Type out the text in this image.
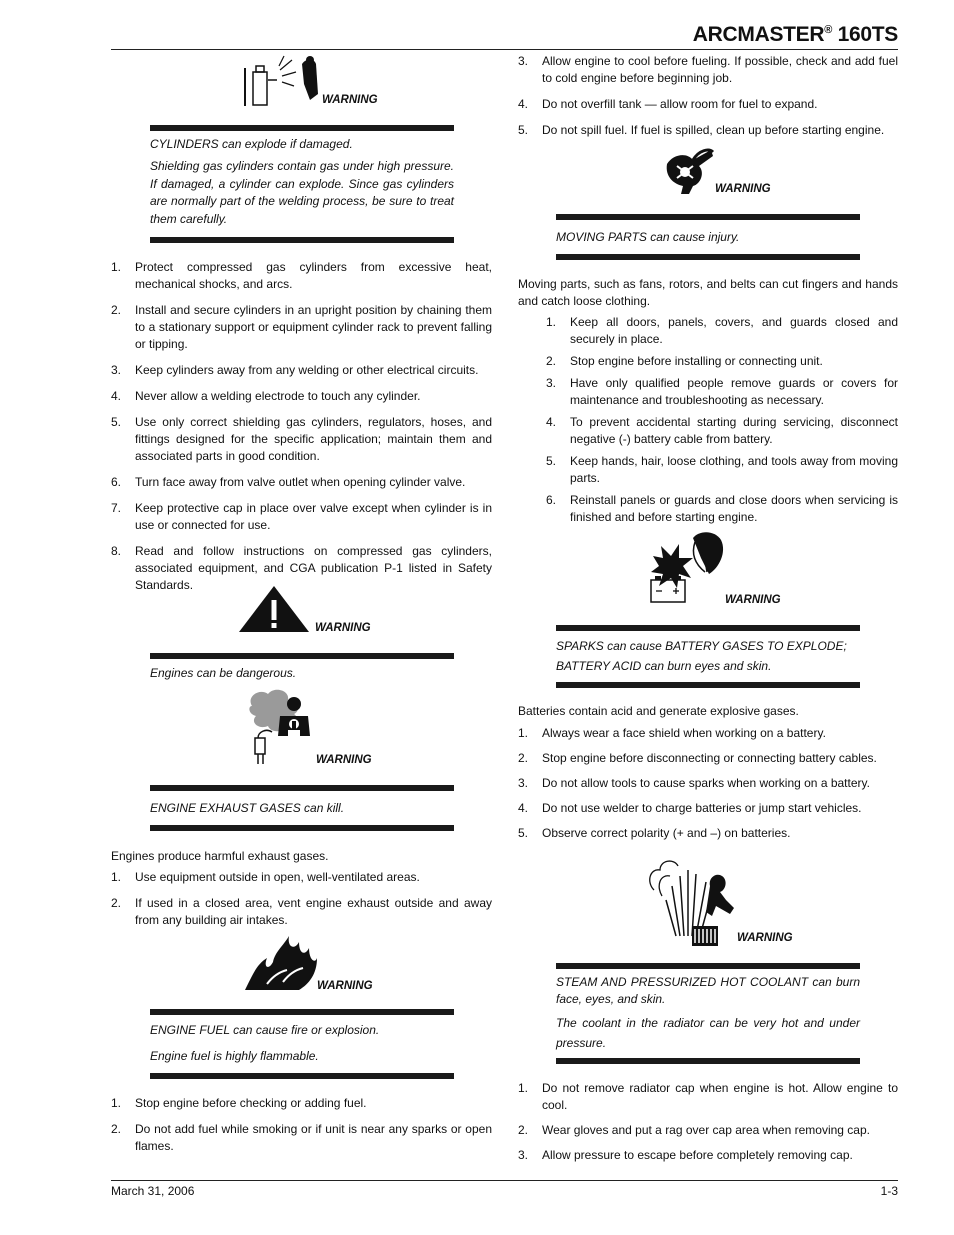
ARCMASTER® 160TS
WARNING
CYLINDERS can explode if damaged.
Shielding gas cylinders contain gas under high pressure. If damaged, a cylinder can explode. Since gas cylinders are normally part of the welding process, be sure to treat them carefully.
1. Protect compressed gas cylinders from excessive heat, mechanical shocks, and arcs.
2. Install and secure cylinders in an upright position by chaining them to a stationary support or equipment cylinder rack to prevent falling or tipping.
3. Keep cylinders away from any welding or other electrical circuits.
4. Never allow a welding electrode to touch any cylinder.
5. Use only correct shielding gas cylinders, regulators, hoses, and fittings designed for the specific application; maintain them and associated parts in good condition.
6. Turn face away from valve outlet when opening cylinder valve.
7. Keep protective cap in place over valve except when cylinder is in use or connected for use.
8. Read and follow instructions on compressed gas cylinders, associated equipment, and CGA publication P-1 listed in Safety Standards.
WARNING
Engines can be dangerous.
WARNING
ENGINE EXHAUST GASES can kill.
Engines produce harmful exhaust gases.
1. Use equipment outside in open, well-ventilated areas.
2. If used in a closed area, vent engine exhaust outside and away from any building air intakes.
WARNING
ENGINE FUEL can cause fire or explosion.
Engine fuel is highly flammable.
1. Stop engine before checking or adding fuel.
2. Do not add fuel while smoking or if unit is near any sparks or open flames.
3. Allow engine to cool before fueling. If possible, check and add fuel to cold engine before beginning job.
4. Do not overfill tank — allow room for fuel to expand.
5. Do not spill fuel. If fuel is spilled, clean up before starting engine.
WARNING
MOVING PARTS can cause injury.
Moving parts, such as fans, rotors, and belts can cut fingers and hands and catch loose clothing.
1. Keep all doors, panels, covers, and guards closed and securely in place.
2. Stop engine before installing or connecting unit.
3. Have only qualified people remove guards or covers for maintenance and troubleshooting as necessary.
4. To prevent accidental starting during servicing, disconnect negative (-) battery cable from battery.
5. Keep hands, hair, loose clothing, and tools away from moving parts.
6. Reinstall panels or guards and close doors when servicing is finished and before starting engine.
WARNING
SPARKS can cause BATTERY GASES TO EXPLODE; BATTERY ACID can burn eyes and skin.
Batteries contain acid and generate explosive gases.
1. Always wear a face shield when working on a battery.
2. Stop engine before disconnecting or connecting battery cables.
3. Do not allow tools to cause sparks when working on a battery.
4. Do not use welder to charge batteries or jump start vehicles.
5. Observe correct polarity (+ and –) on batteries.
WARNING
STEAM AND PRESSURIZED HOT COOLANT can burn face, eyes, and skin.
The coolant in the radiator can be very hot and under pressure.
1. Do not remove radiator cap when engine is hot. Allow engine to cool.
2. Wear gloves and put a rag over cap area when removing cap.
3. Allow pressure to escape before completely removing cap.
March 31, 2006	1-3
